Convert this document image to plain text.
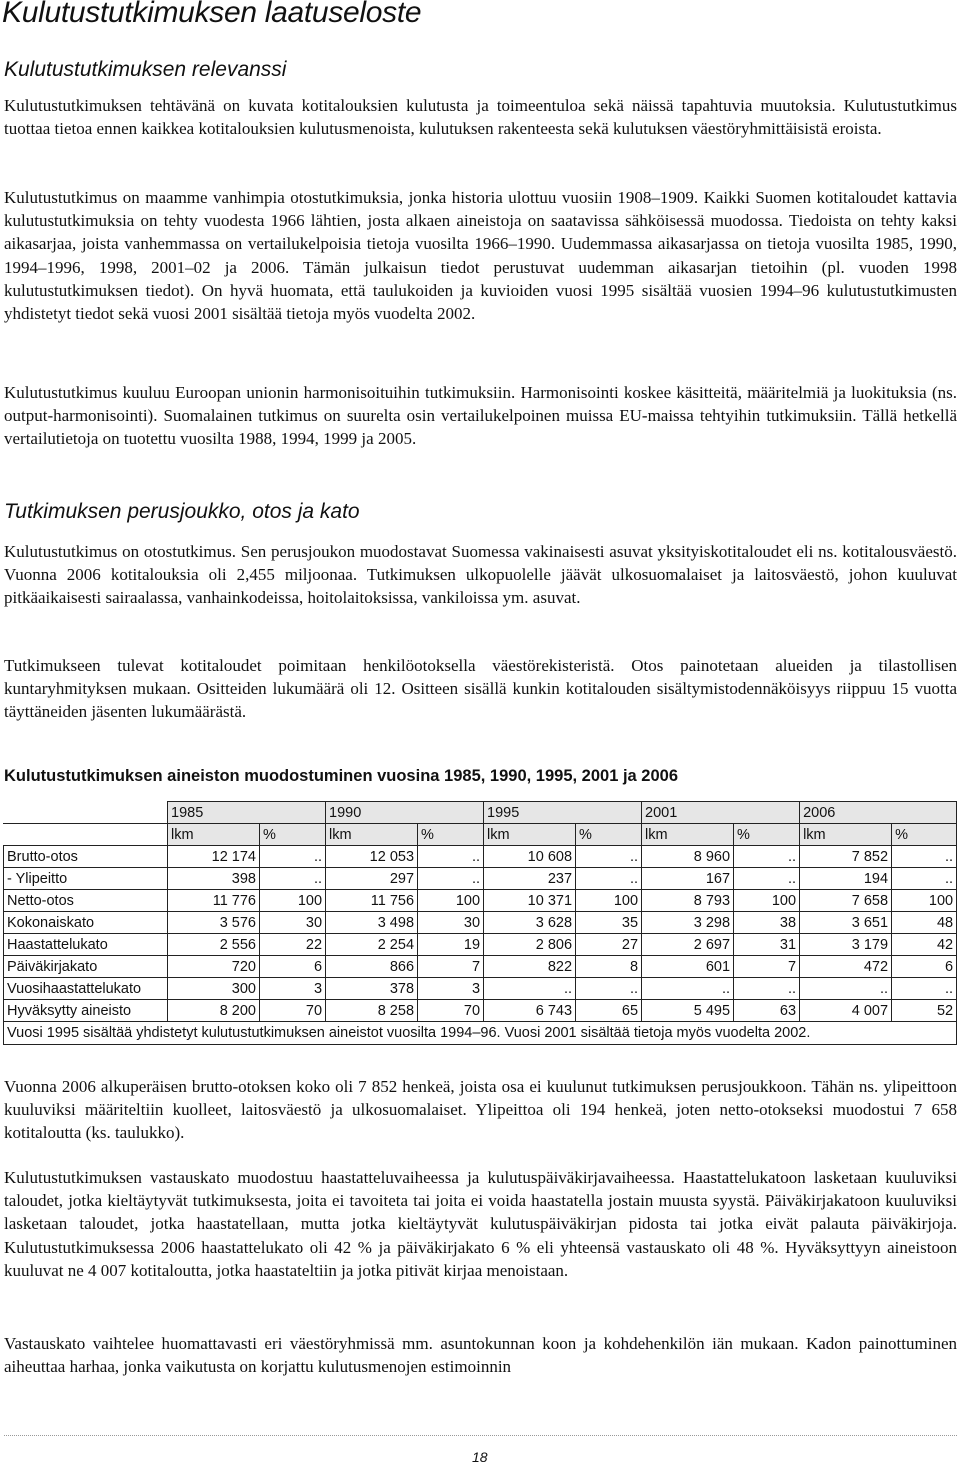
Kulutustutkimuksen laatuseloste
Kulutustutkimuksen relevanssi

Kulutustutkimuksen tehtävänä on kuvata kotitalouksien kulutusta ja toimeentuloa sekä näissä tapahtuvia muutoksia. Kulutustutkimus tuottaa tietoa ennen kaikkea kotitalouksien kulutusmenoista, kulutuksen rakenteesta sekä kulutuksen väestöryhmittäisistä eroista.

Kulutustutkimus on maamme vanhimpia otostutkimuksia, jonka historia ulottuu vuosiin 1908–1909. Kaikki Suomen kotitaloudet kattavia kulutustutkimuksia on tehty vuodesta 1966 lähtien, josta alkaen aineistoja on saatavissa sähköisessä muodossa. Tiedoista on tehty kaksi aikasarjaa, joista vanhemmassa on vertailukelpoisia tietoja vuosilta 1966–1990. Uudemmassa aikasarjassa on tietoja vuosilta 1985, 1990, 1994–1996, 1998, 2001–02 ja 2006. Tämän julkaisun tiedot perustuvat uudemman aikasarjan tietoihin (pl. vuoden 1998 kulutustutkimuksen tiedot). On hyvä huomata, että taulukoiden ja kuvioiden vuosi 1995 sisältää vuosien 1994–96 kulutustutkimusten yhdistetyt tiedot sekä vuosi 2001 sisältää tietoja myös vuodelta 2002.

Kulutustutkimus kuuluu Euroopan unionin harmonisoituihin tutkimuksiin. Harmonisointi koskee käsitteitä, määritelmiä ja luokituksia (ns. output-harmonisointi). Suomalainen tutkimus on suurelta osin vertailukelpoinen muissa EU-maissa tehtyihin tutkimuksiin. Tällä hetkellä vertailutietoja on tuotettu vuosilta 1988, 1994, 1999 ja 2005.

Tutkimuksen perusjoukko, otos ja kato

Kulutustutkimus on otostutkimus. Sen perusjoukon muodostavat Suomessa vakinaisesti asuvat yksityiskotitaloudet eli ns. kotitalousväestö. Vuonna 2006 kotitalouksia oli 2,455 miljoonaa. Tutkimuksen ulkopuolelle jäävät ulkosuomalaiset ja laitosväestö, johon kuuluvat pitkäaikaisesti sairaalassa, vanhainkodeissa, hoitolaitoksissa, vankiloissa ym. asuvat.

Tutkimukseen tulevat kotitaloudet poimitaan henkilöotoksella väestörekisteristä. Otos painotetaan alueiden ja tilastollisen kuntaryhmityksen mukaan. Ositteiden lukumäärä oli 12. Ositteen sisällä kunkin kotitalouden sisältymistodennäköisyys riippuu 15 vuotta täyttäneiden jäsenten lukumäärästä.

Kulutustutkimuksen aineiston muodostuminen vuosina 1985, 1990, 1995, 2001 ja 2006

	1985		1990		1995		2001		2006	
	lkm	%	lkm	%	lkm	%	lkm	%	lkm	%
Brutto-otos	12 174	..	12 053	..	10 608	..	8 960	..	7 852	..
- Ylipeitto	398	..	297	..	237	..	167	..	194	..
Netto-otos	11 776	100	11 756	100	10 371	100	8 793	100	7 658	100
Kokonaiskato	3 576	30	3 498	30	3 628	35	3 298	38	3 651	48
Haastattelukato	2 556	22	2 254	19	2 806	27	2 697	31	3 179	42
Päiväkirjakato	720	6	866	7	822	8	601	7	472	6
Vuosihaastattelukato	300	3	378	3	..	..	..	..	..	..
Hyväksytty aineisto	8 200	70	8 258	70	6 743	65	5 495	63	4 007	52
Vuosi 1995 sisältää yhdistetyt kulutustutkimuksen aineistot vuosilta 1994–96. Vuosi 2001 sisältää tietoja myös vuodelta 2002.										

Vuonna 2006 alkuperäisen brutto-otoksen koko oli 7 852 henkeä, joista osa ei kuulunut tutkimuksen perusjoukkoon. Tähän ns. ylipeittoon kuuluviksi määriteltiin kuolleet, laitosväestö ja ulkosuomalaiset. Ylipeittoa oli 194 henkeä, joten netto-otokseksi muodostui 7 658 kotitaloutta (ks. taulukko).

Kulutustutkimuksen vastauskato muodostuu haastatteluvaiheessa ja kulutuspäiväkirjavaiheessa. Haastattelukatoon lasketaan kuuluviksi taloudet, jotka kieltäytyvät tutkimuksesta, joita ei tavoiteta tai joita ei voida haastatella jostain muusta syystä. Päiväkirjakatoon kuuluviksi lasketaan taloudet, jotka haastatellaan, mutta jotka kieltäytyvät kulutuspäiväkirjan pidosta tai jotka eivät palauta päiväkirjoja. Kulutustutkimuksessa 2006 haastattelukato oli 42 % ja päiväkirjakato 6 % eli yhteensä vastauskato oli 48 %. Hyväksyttyyn aineistoon kuuluvat ne 4 007 kotitaloutta, jotka haastateltiin ja jotka pitivät kirjaa menoistaan.

Vastauskato vaihtelee huomattavasti eri väestöryhmissä mm. asuntokunnan koon ja kohdehenkilön iän mukaan. Kadon painottuminen aiheuttaa harhaa, jonka vaikutusta on korjattu kulutusmenojen estimoinnin

18
